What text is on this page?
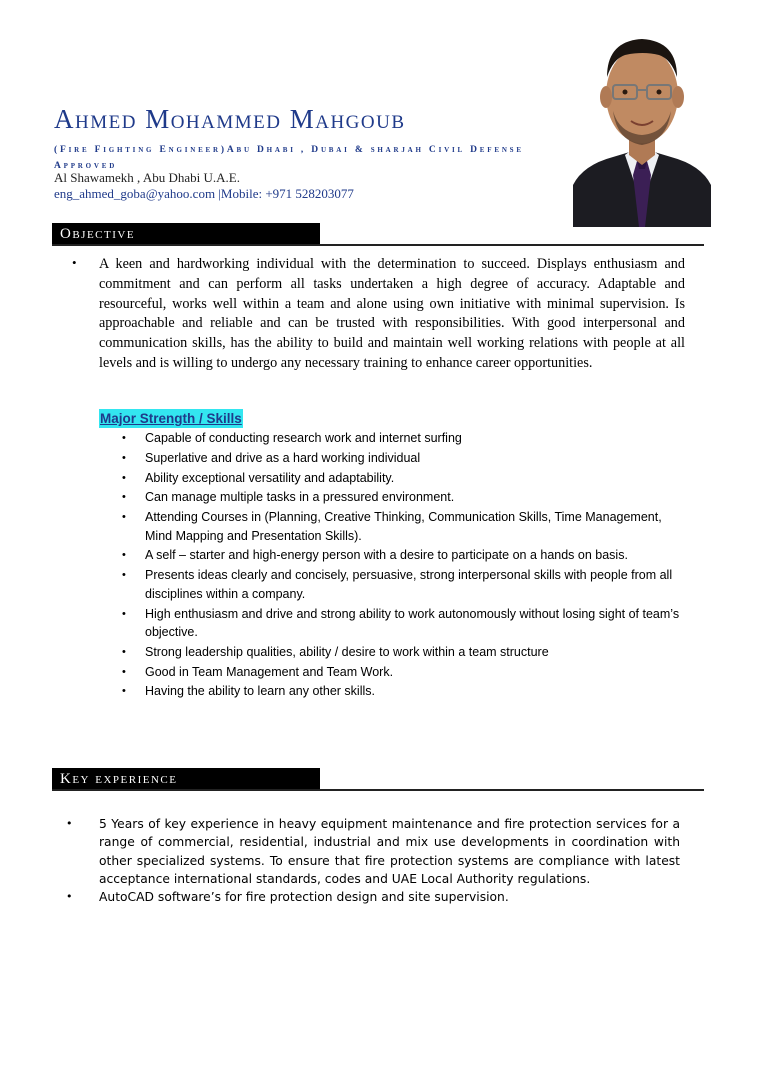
Ahmed Mohammed Mahgoub
(Fire Fighting Engineer)Abu Dhabi , Dubai & sharjah Civil Defense Approved
Al Shawamekh , Abu Dhabi U.A.E.
eng_ahmed_goba@yahoo.com |Mobile: +971 528203077
Objective
• A keen and hardworking individual with the determination to succeed. Displays enthusiasm and commitment and can perform all tasks undertaken a high degree of accuracy. Adaptable and resourceful, works well within a team and alone using own initiative with minimal supervision. Is approachable and reliable and can be trusted with responsibilities. With good interpersonal and communication skills, has the ability to build and maintain well working relations with people at all levels and is willing to undergo any necessary training to enhance career opportunities.
Major Strength / Skills
• Capable of conducting research work and internet surfing
• Superlative and drive as a hard working individual
• Ability exceptional versatility and adaptability.
• Can manage multiple tasks in a pressured environment.
• Attending Courses in (Planning, Creative Thinking, Communication Skills, Time Management, Mind Mapping and Presentation Skills).
• A self – starter and high-energy person with a desire to participate on a hands on basis.
• Presents ideas clearly and concisely, persuasive, strong interpersonal skills with people from all disciplines within a company.
• High enthusiasm and drive and strong ability to work autonomously without losing sight of team’s objective.
• Strong leadership qualities, ability / desire to work within a team structure
• Good in Team Management and Team Work.
• Having the ability to learn any other skills.
Key experience
• 5 Years of key experience in heavy equipment maintenance and fire protection services for a range of commercial, residential, industrial and mix use developments in coordination with other specialized systems. To ensure that fire protection systems are compliance with latest acceptance international standards, codes and UAE Local Authority regulations.
• AutoCAD software’s for fire protection design and site supervision.
